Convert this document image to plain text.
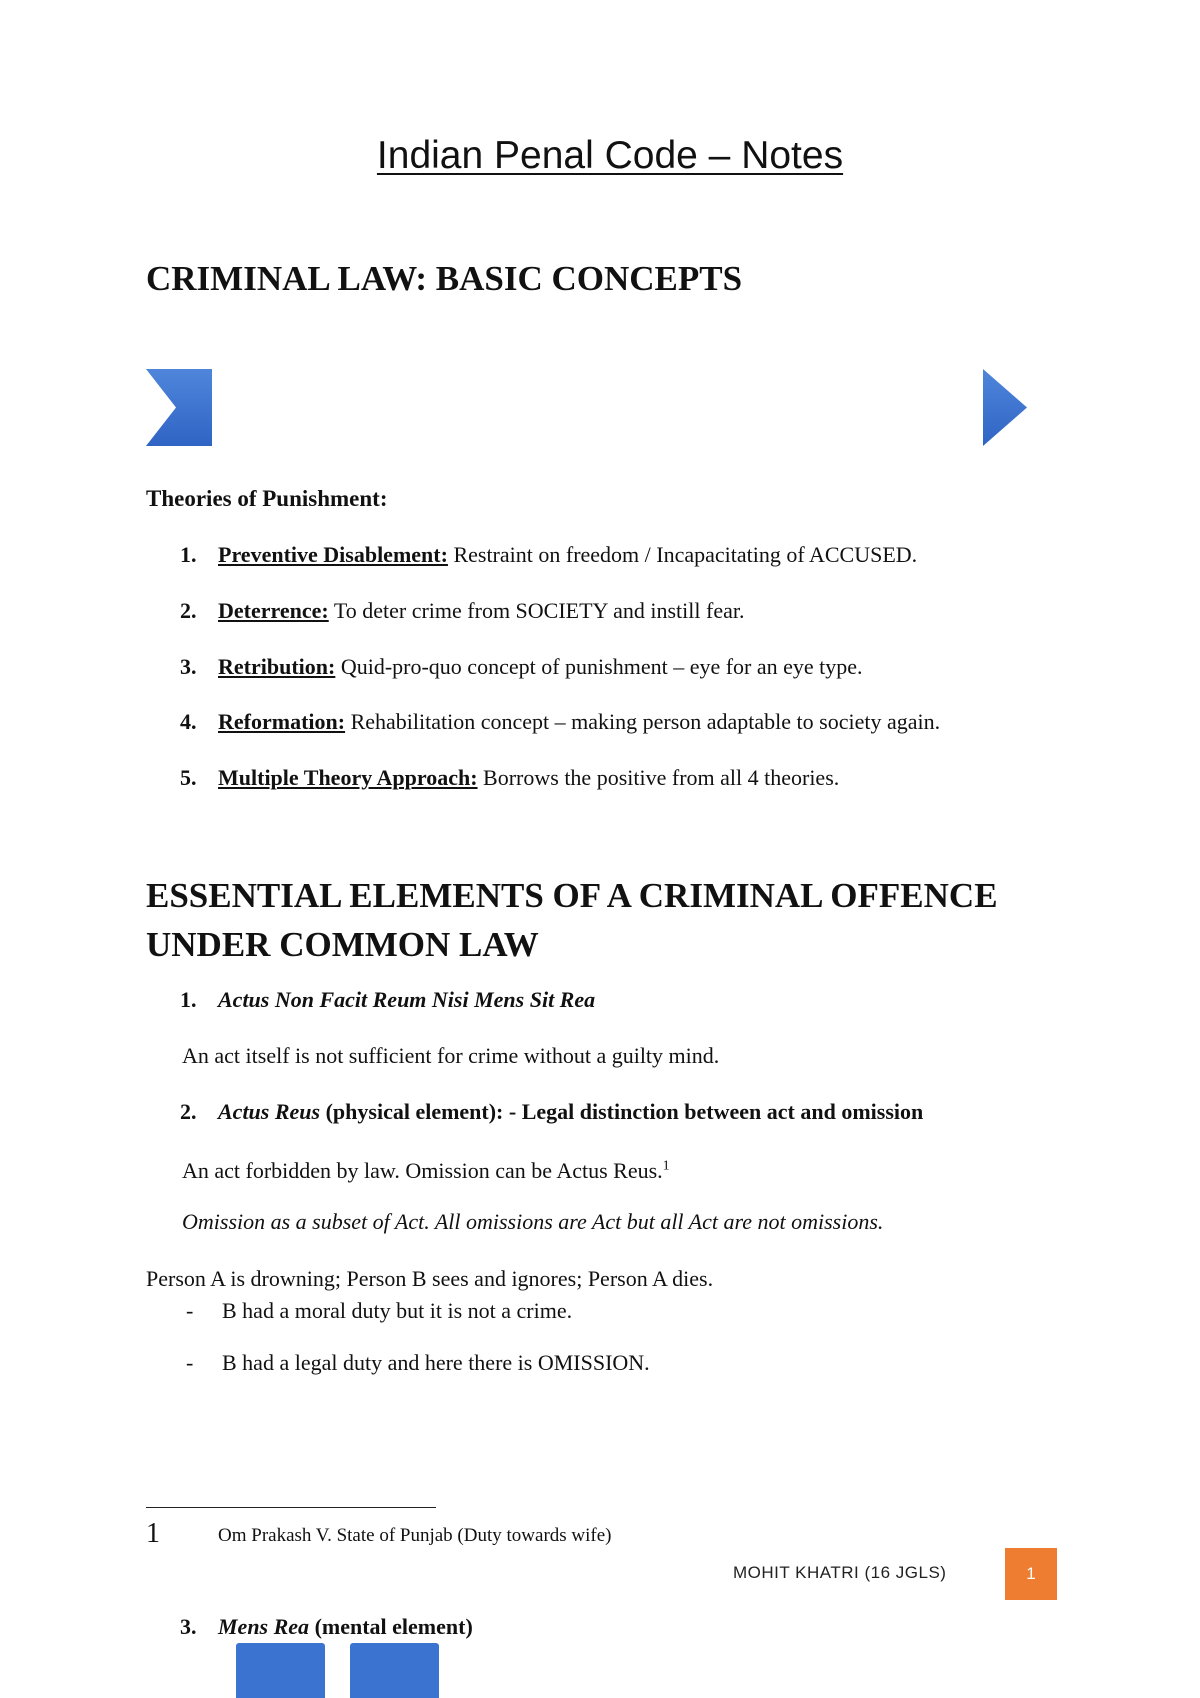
Indian Penal Code – Notes
CRIMINAL LAW: BASIC CONCEPTS
Theories of Punishment:
1. Preventive Disablement: Restraint on freedom / Incapacitating of ACCUSED.
2. Deterrence: To deter crime from SOCIETY and instill fear.
3. Retribution: Quid-pro-quo concept of punishment – eye for an eye type.
4. Reformation: Rehabilitation concept – making person adaptable to society again.
5. Multiple Theory Approach: Borrows the positive from all 4 theories.
ESSENTIAL ELEMENTS OF A CRIMINAL OFFENCE
UNDER COMMON LAW
1. Actus Non Facit Reum Nisi Mens Sit Rea
An act itself is not sufficient for crime without a guilty mind.
2. Actus Reus (physical element): - Legal distinction between act and omission
An act forbidden by law. Omission can be Actus Reus.$^1$
Omission as a subset of Act. All omissions are Act but all Act are not omissions.
Person A is drowning; Person B sees and ignores; Person A dies.
- B had a moral duty but it is not a crime.
- B had a legal duty and here there is OMISSION.
1	Om Prakash V. State of Punjab (Duty towards wife)
MOHIT KHATRI (16 JGLS)	1
3. Mens Rea (mental element)
